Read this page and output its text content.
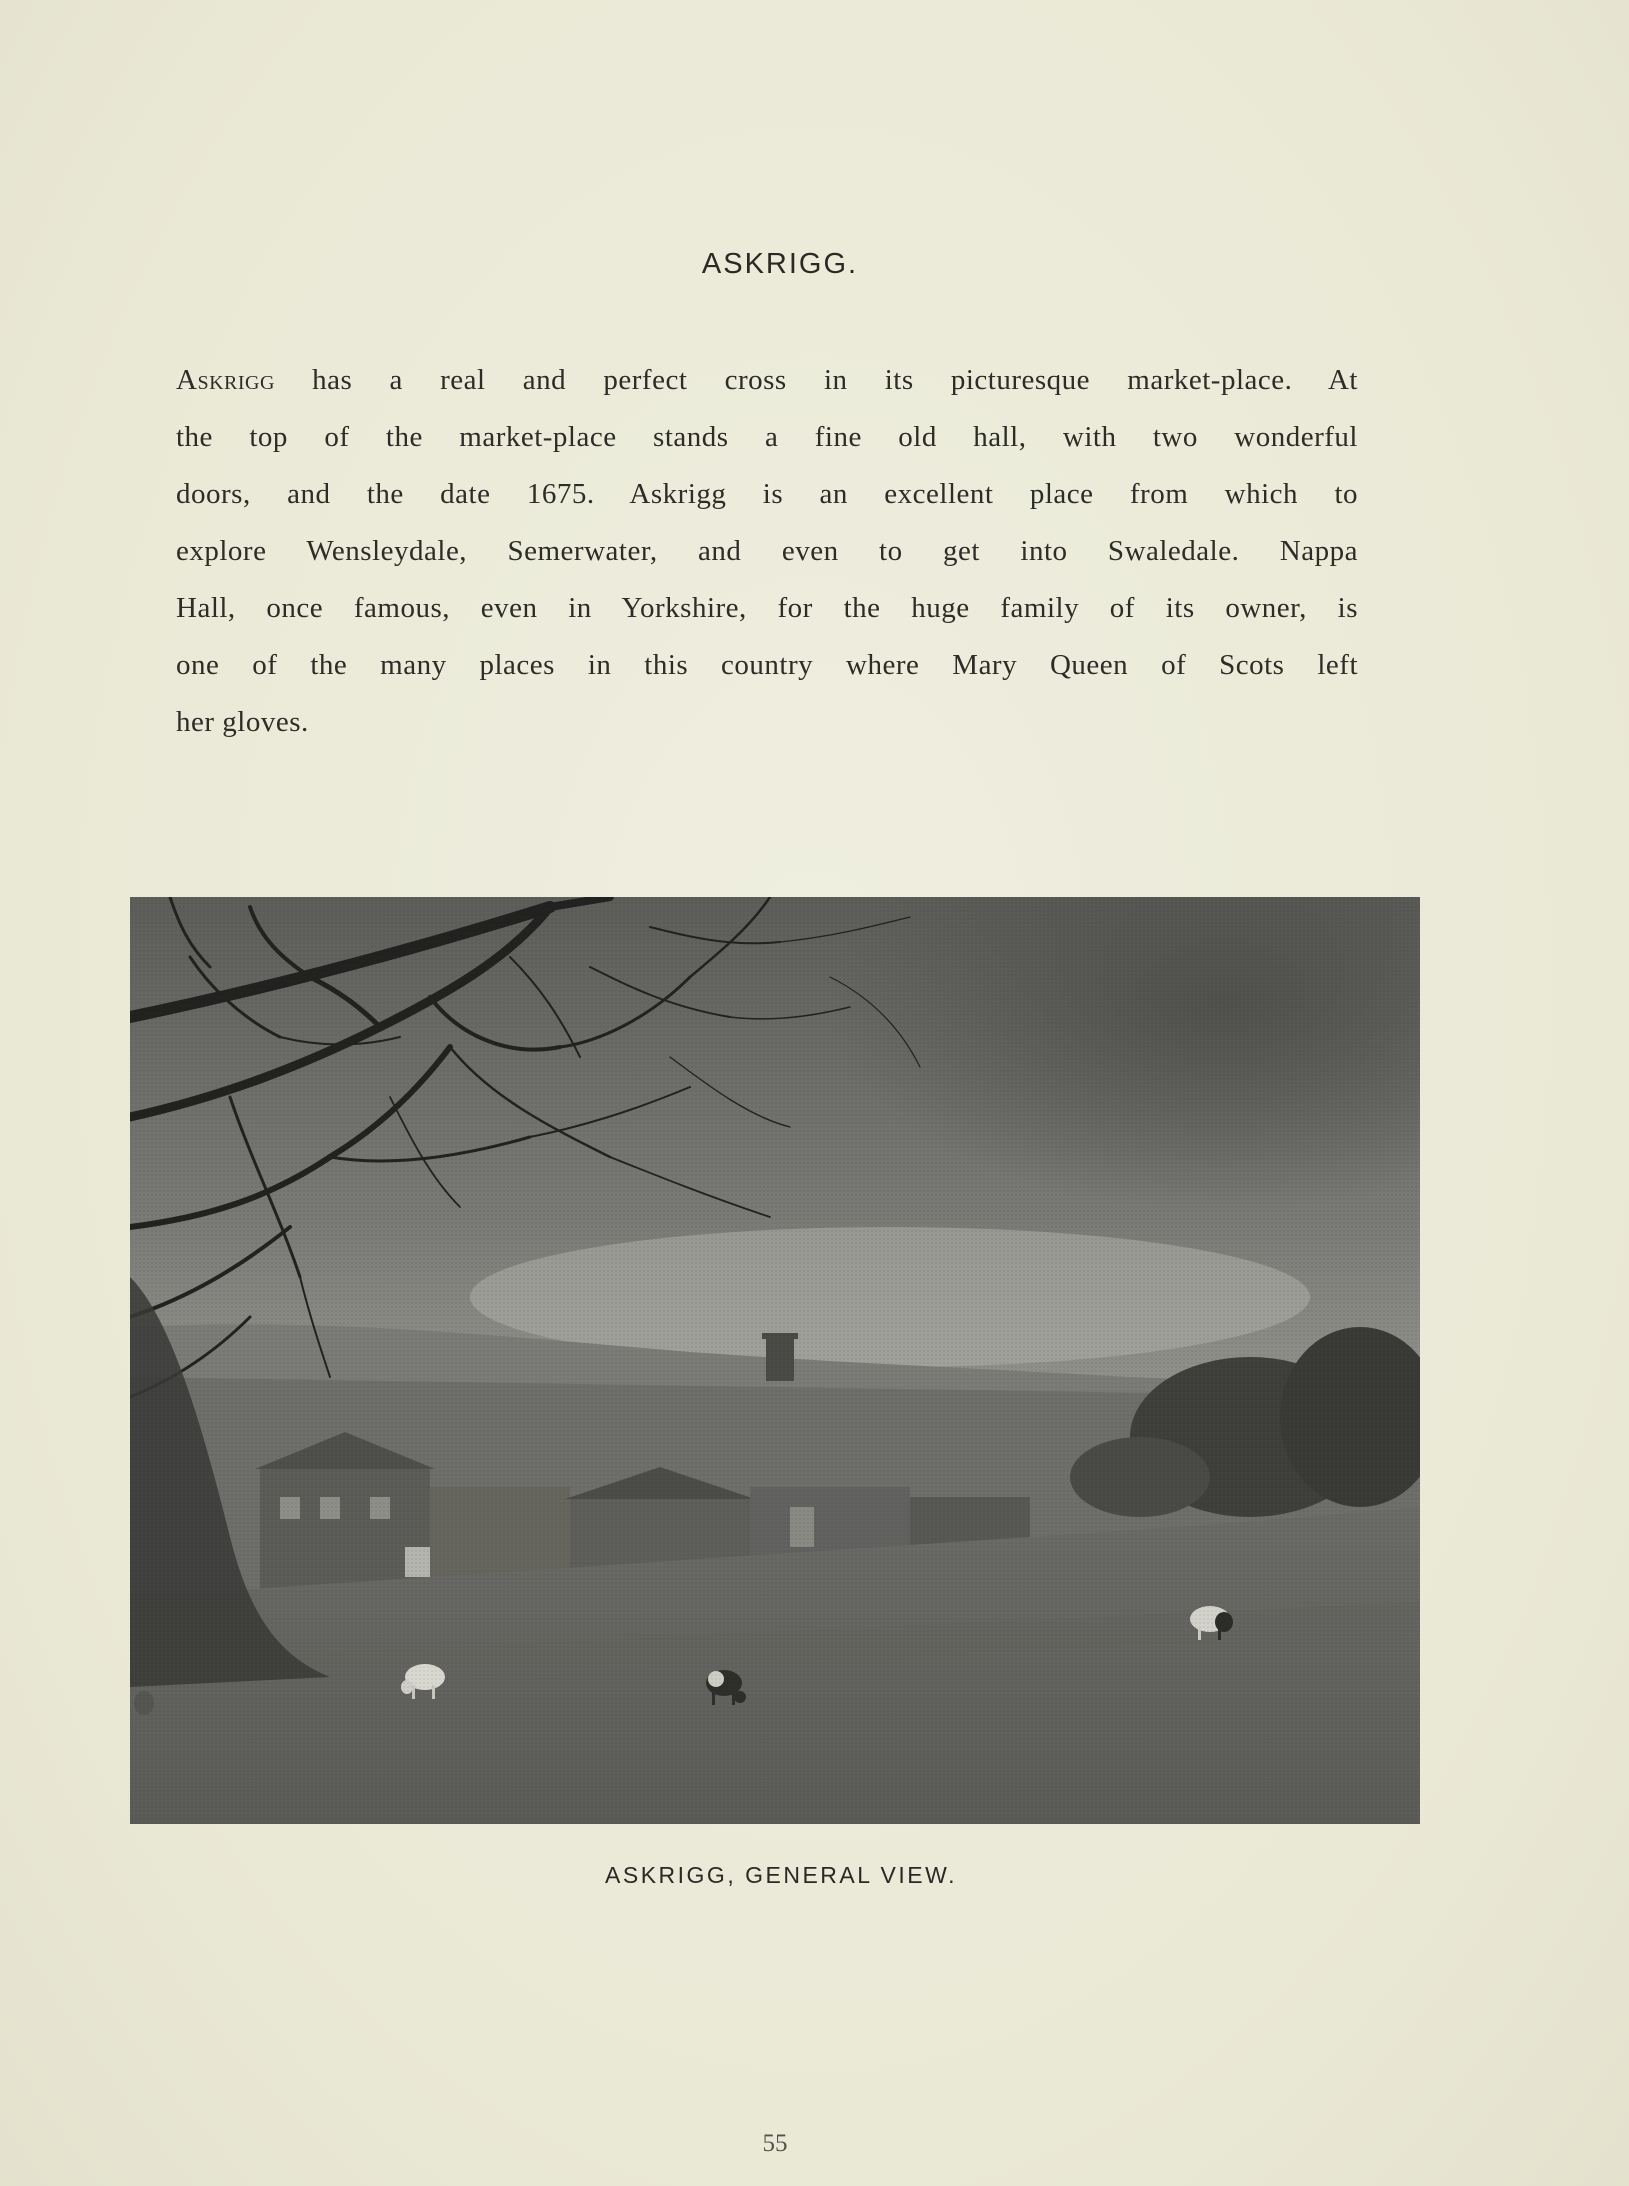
ASKRIGG.
Askrigg has a real and perfect cross in its picturesque market-place. At
the top of the market-place stands a fine old hall, with two wonderful
doors, and the date 1675. Askrigg is an excellent place from which to
explore Wensleydale, Semerwater, and even to get into Swaledale. Nappa
Hall, once famous, even in Yorkshire, for the huge family of its owner, is
one of the many places in this country where Mary Queen of Scots left
her gloves.
ASKRIGG, GENERAL VIEW.
55
